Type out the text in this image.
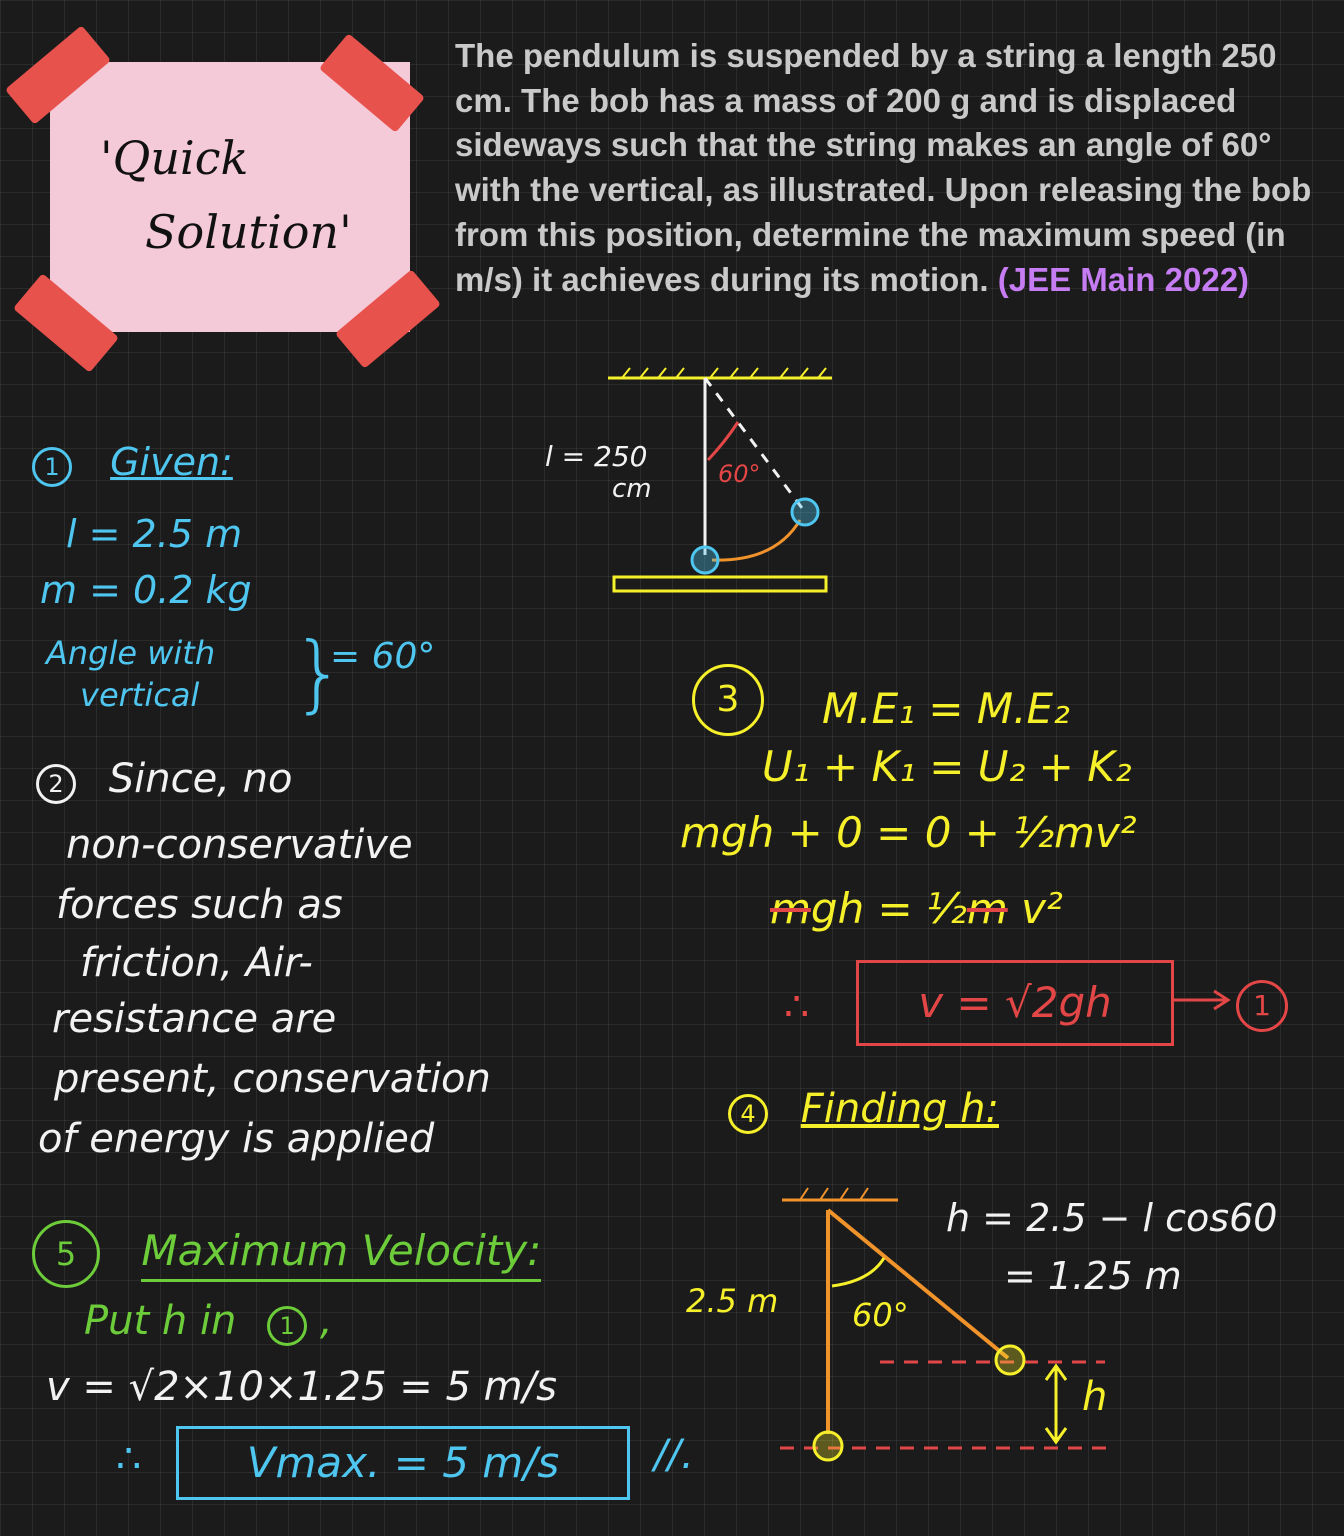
'Quick
Solution'
The pendulum is suspended by a string a length 250 cm. The bob has a mass of 200 g and is displaced sideways such that the string makes an angle of 60° with the vertical, as illustrated. Upon releasing the bob from this position, determine the maximum speed (in m/s) it achieves during its motion. (JEE Main 2022)
l = 250
cm	60°
1 Given:
l = 2.5 m
m = 0.2 kg
Angle with
vertical }
= 60°
2 Since, no
non-conservative
forces such as
friction, Air-
resistance are
present, conservation
of energy is applied
3	M.E₁ = M.E₂
U₁ + K₁ = U₂ + K₂
mgh + 0 = 0 + ½mv²
mgh = ½m v²
∴	v = √2gh	1
4 Finding h:
h = 2.5 − l cos60
= 1.25 m
2.5 m 60°
h
5 Maximum Velocity:
Put h in 1 ,
v = √2×10×1.25 = 5 m/s
∴	Vmax. = 5 m/s	//.
